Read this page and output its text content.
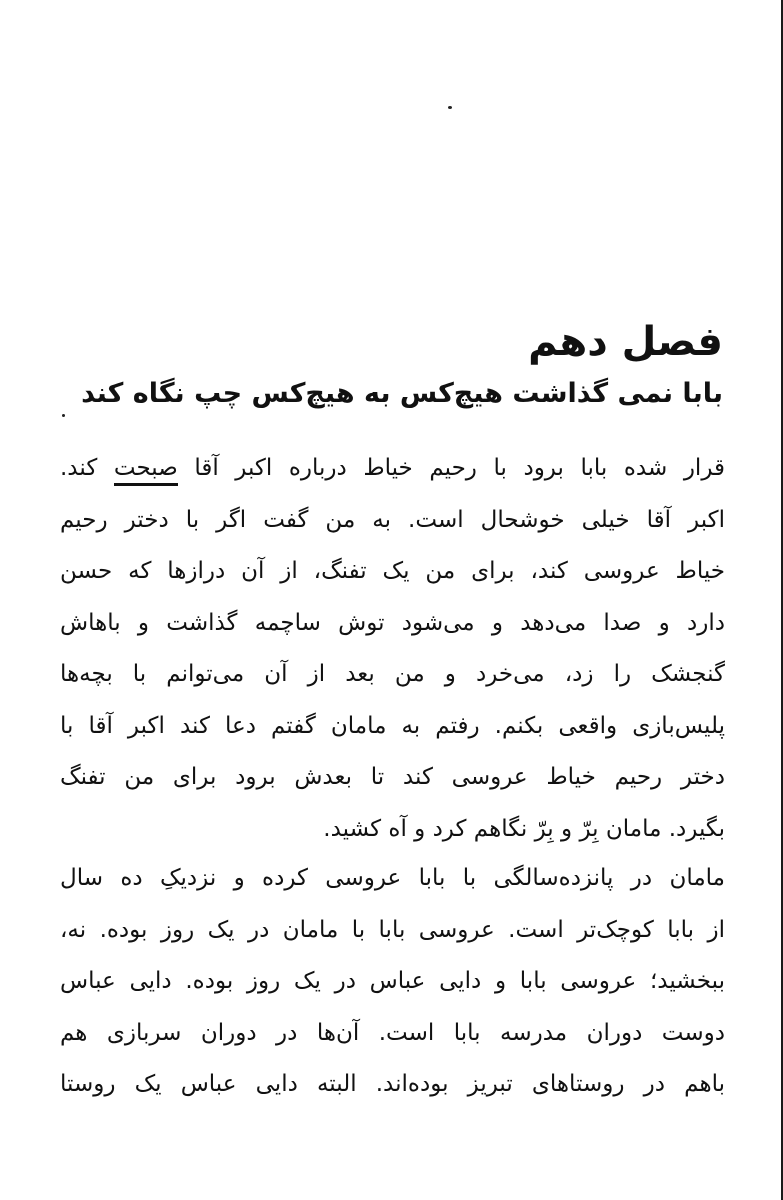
فصل دهم
بابا نمی گذاشت هیچ‌کس به هیچ‌کس چپ نگاه کند
قرار شده بابا برود با رحیم خیاط درباره اکبر آقا صبحت کند.
اکبر آقا خیلی خوشحال است. به من گفت اگر با دختر رحیم
خیاط عروسی کند، برای من یک تفنگ، از آن درازها که حسن
دارد و صدا می‌دهد و می‌شود توش ساچمه گذاشت و باهاش
گنجشک را زد، می‌خرد و من بعد از آن می‌توانم با بچه‌ها
پلیس‌بازی واقعی بکنم. رفتم به مامان گفتم دعا کند اکبر آقا با
دختر رحیم خیاط عروسی کند تا بعدش برود برای من تفنگ
بگیرد. مامان بِرّ و بِرّ نگاهم کرد و آه کشید.
مامان در پانزده‌سالگی با بابا عروسی کرده و نزدیکِ ده سال
از بابا کوچک‌تر است. عروسی بابا با مامان در یک روز بوده. نه،
ببخشید؛ عروسی بابا و دایی عباس در یک روز بوده. دایی عباس
دوست دوران مدرسه بابا است. آن‌ها در دوران سربازی هم
باهم در روستاهای تبریز بوده‌اند. البته دایی عباس یک روستا
